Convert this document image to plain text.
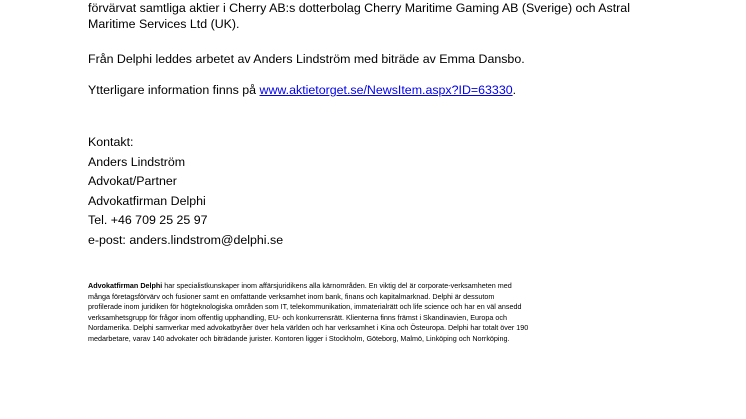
förvärvat samtliga aktier i Cherry AB:s dotterbolag Cherry Maritime Gaming AB (Sverige) och Astral
Maritime Services Ltd (UK).
Från Delphi leddes arbetet av Anders Lindström med biträde av Emma Dansbo.
Ytterligare information finns på www.aktietorget.se/NewsItem.aspx?ID=63330.
Kontakt:
Anders Lindström
Advokat/Partner
Advokatfirman Delphi
Tel. +46 709 25 25 97
e-post: anders.lindstrom@delphi.se
Advokatfirman Delphi har specialistkunskaper inom affärsjuridikens alla kärnområden. En viktig del är corporate-verksamheten med
många företagsförvärv och fusioner samt en omfattande verksamhet inom bank, finans och kapitalmarknad. Delphi är dessutom
profilerade inom juridiken för högteknologiska områden som IT, telekommunikation, immaterialrätt och life science och har en väl ansedd
verksamhetsgrupp för frågor inom offentlig upphandling, EU- och konkurrensrätt. Klienterna finns främst i Skandinavien, Europa och
Nordamerika. Delphi samverkar med advokatbyråer över hela världen och har verksamhet i Kina och Östeuropa. Delphi har totalt över 190
medarbetare, varav 140 advokater och biträdande jurister. Kontoren ligger i Stockholm, Göteborg, Malmö, Linköping och Norrköping.
